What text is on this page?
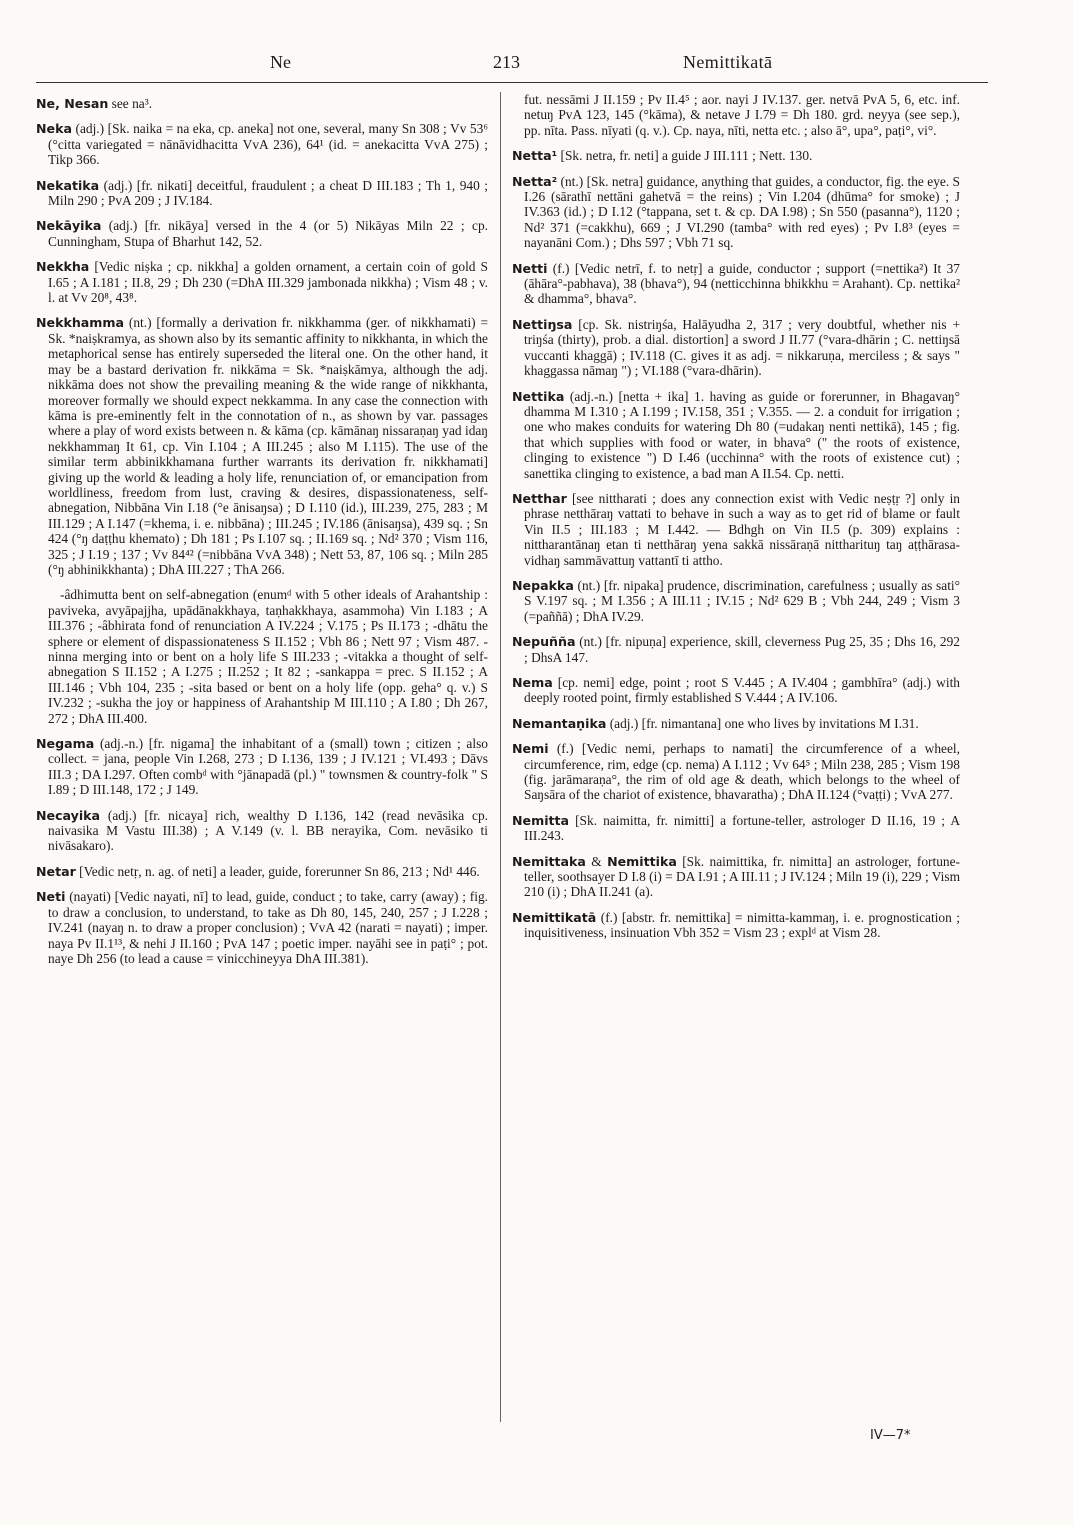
Ne	213	Nemittikatā

Ne, Nesan see na³.

Neka (adj.) [Sk. naika = na eka, cp. aneka] not one, several, many Sn 308 ; Vv 53⁶ (°citta variegated = nānāvidhacitta VvA 236), 64¹ (id. = anekacitta VvA 275) ; Tikp 366.

Nekatika (adj.) [fr. nikati] deceitful, fraudulent ; a cheat D III.183 ; Th 1, 940 ; Miln 290 ; PvA 209 ; J IV.184.

Nekāyika (adj.) [fr. nikāya] versed in the 4 (or 5) Nikāyas Miln 22 ; cp. Cunningham, Stupa of Bharhut 142, 52.

Nekkha [Vedic niṣka ; cp. nikkha] a golden ornament, a certain coin of gold S I.65 ; A I.181 ; II.8, 29 ; Dh 230 (=DhA III.329 jambonada nikkha) ; Vism 48 ; v. l. at Vv 20⁸, 43⁸.

Nekkhamma (nt.) [formally a derivation fr. nikkhamma (ger. of nikkhamati) = Sk. *naiṣkramya, as shown also by its semantic affinity to nikkhanta, in which the metaphorical sense has entirely superseded the literal one. On the other hand, it may be a bastard derivation fr. nikkāma = Sk. *naiṣkāmya, although the adj. nikkāma does not show the prevailing meaning & the wide range of nikkhanta, moreover formally we should expect nekkamma. In any case the connection with kāma is pre-eminently felt in the connotation of n., as shown by var. passages where a play of word exists between n. & kāma (cp. kāmānaŋ nissaraṇaŋ yad idaŋ nekkhammaŋ It 61, cp. Vin I.104 ; A III.245 ; also M I.115). The use of the similar term abbinikkhamana further warrants its derivation fr. nikkhamati] giving up the world & leading a holy life, renunciation of, or emancipation from worldliness, freedom from lust, craving & desires, dispassionateness, self-abnegation, Nibbāna Vin I.18 (°e ānisaŋsa) ; D I.110 (id.), III.239, 275, 283 ; M III.129 ; A I.147 (=khema, i. e. nibbāna) ; III.245 ; IV.186 (ānisaŋsa), 439 sq. ; Sn 424 (°ŋ daṭṭhu khemato) ; Dh 181 ; Ps I.107 sq. ; II.169 sq. ; Nd² 370 ; Vism 116, 325 ; J I.19 ; 137 ; Vv 84⁴² (=nibbāna VvA 348) ; Nett 53, 87, 106 sq. ; Miln 285 (°ŋ abhinikkhanta) ; DhA III.227 ; ThA 266.

-âdhimutta bent on self-abnegation (enumᵈ with 5 other ideals of Arahantship : paviveka, avyāpajjha, upādānakkhaya, taṇhakkhaya, asammoha) Vin I.183 ; A III.376 ; -âbhirata fond of renunciation A IV.224 ; V.175 ; Ps II.173 ; -dhātu the sphere or element of dispassionateness S II.152 ; Vbh 86 ; Nett 97 ; Vism 487. -ninna merging into or bent on a holy life S III.233 ; -vitakka a thought of self-abnegation S II.152 ; A I.275 ; II.252 ; It 82 ; -sankappa = prec. S II.152 ; A III.146 ; Vbh 104, 235 ; -sita based or bent on a holy life (opp. geha° q. v.) S IV.232 ; -sukha the joy or happiness of Arahantship M III.110 ; A I.80 ; Dh 267, 272 ; DhA III.400.

Negama (adj.-n.) [fr. nigama] the inhabitant of a (small) town ; citizen ; also collect. = jana, people Vin I.268, 273 ; D I.136, 139 ; J IV.121 ; VI.493 ; Dāvs III.3 ; DA I.297. Often combᵈ with °jānapadā (pl.) " townsmen & country-folk " S I.89 ; D III.148, 172 ; J 149.

Necayika (adj.) [fr. nicaya] rich, wealthy D I.136, 142 (read nevāsika cp. naivasika M Vastu III.38) ; A V.149 (v. l. BB nerayika, Com. nevāsiko ti nivāsakaro).

Netar [Vedic netṛ, n. ag. of neti] a leader, guide, forerunner Sn 86, 213 ; Nd¹ 446.

Neti (nayati) [Vedic nayati, nī] to lead, guide, conduct ; to take, carry (away) ; fig. to draw a conclusion, to understand, to take as Dh 80, 145, 240, 257 ; J I.228 ; IV.241 (nayaŋ n. to draw a proper conclusion) ; VvA 42 (narati = nayati) ; imper. naya Pv II.1¹³, & nehi J II.160 ; PvA 147 ; poetic imper. nayāhi see in paṭi° ; pot. naye Dh 256 (to lead a cause = vinicchineyya DhA III.381).

fut. nessāmi J II.159 ; Pv II.4⁵ ; aor. nayi J IV.137. ger. netvā PvA 5, 6, etc. inf. netuŋ PvA 123, 145 (°kāma), & netave J I.79 = Dh 180. grd. neyya (see sep.), pp. nīta. Pass. nīyati (q. v.). Cp. naya, nīti, netta etc. ; also ā°, upa°, paṭi°, vi°.

Netta¹ [Sk. netra, fr. neti] a guide J III.111 ; Nett. 130.

Netta² (nt.) [Sk. netra] guidance, anything that guides, a conductor, fig. the eye. S I.26 (sārathī nettāni gahetvā = the reins) ; Vin I.204 (dhūma° for smoke) ; J IV.363 (id.) ; D I.12 (°tappana, set t. & cp. DA I.98) ; Sn 550 (pasanna°), 1120 ; Nd² 371 (=cakkhu), 669 ; J VI.290 (tamba° with red eyes) ; Pv I.8³ (eyes = nayanāni Com.) ; Dhs 597 ; Vbh 71 sq.

Netti (f.) [Vedic netrī, f. to netṛ] a guide, conductor ; support (=nettika²) It 37 (āhāra°-pabhava), 38 (bhava°), 94 (netticchinna bhikkhu = Arahant). Cp. nettika² & dhamma°, bhava°.

Nettiŋsa [cp. Sk. nistriŋśa, Halāyudha 2, 317 ; very doubtful, whether nis + triŋśa (thirty), prob. a dial. distortion] a sword J II.77 (°vara-dhārin ; C. nettiŋsā vuccanti khaggā) ; IV.118 (C. gives it as adj. = nikkaruṇa, merciless ; & says " khaggassa nāmaŋ ") ; VI.188 (°vara-dhārin).

Nettika (adj.-n.) [netta + ika] 1. having as guide or forerunner, in Bhagavaŋ° dhamma M I.310 ; A I.199 ; IV.158, 351 ; V.355. — 2. a conduit for irrigation ; one who makes conduits for watering Dh 80 (=udakaŋ nenti nettikā), 145 ; fig. that which supplies with food or water, in bhava° (" the roots of existence, clinging to existence ") D I.46 (ucchinna° with the roots of existence cut) ; sanettika clinging to existence, a bad man A II.54. Cp. netti.

Netthar [see nittharati ; does any connection exist with Vedic neṣṭṛ ?] only in phrase netthāraŋ vattati to behave in such a way as to get rid of blame or fault Vin II.5 ; III.183 ; M I.442. — Bdhgh on Vin II.5 (p. 309) explains : nittharantānaŋ etan ti netthāraŋ yena sakkā nissāraṇā nittharituŋ taŋ aṭṭhārasa-vidhaŋ sammāvattuŋ vattantī ti attho.

Nepakka (nt.) [fr. nipaka] prudence, discrimination, carefulness ; usually as sati° S V.197 sq. ; M I.356 ; A III.11 ; IV.15 ; Nd² 629 B ; Vbh 244, 249 ; Vism 3 (=paññā) ; DhA IV.29.

Nepuñña (nt.) [fr. nipuṇa] experience, skill, cleverness Pug 25, 35 ; Dhs 16, 292 ; DhsA 147.

Nema [cp. nemi] edge, point ; root S V.445 ; A IV.404 ; gambhīra° (adj.) with deeply rooted point, firmly established S V.444 ; A IV.106.

Nemantaṇika (adj.) [fr. nimantana] one who lives by invitations M I.31.

Nemi (f.) [Vedic nemi, perhaps to namati] the circumference of a wheel, circumference, rim, edge (cp. nema) A I.112 ; Vv 64⁵ ; Miln 238, 285 ; Vism 198 (fig. jarāmaraṇa°, the rim of old age & death, which belongs to the wheel of Saŋsāra of the chariot of existence, bhavaratha) ; DhA II.124 (°vaṭṭi) ; VvA 277.

Nemitta [Sk. naimitta, fr. nimitti] a fortune-teller, astrologer D II.16, 19 ; A III.243.

Nemittaka & Nemittika [Sk. naimittika, fr. nimitta] an astrologer, fortune-teller, soothsayer D I.8 (i) = DA I.91 ; A III.11 ; J IV.124 ; Miln 19 (i), 229 ; Vism 210 (i) ; DhA II.241 (a).

Nemittikatā (f.) [abstr. fr. nemittika] = nimitta-kammaŋ, i. e. prognostication ; inquisitiveness, insinuation Vbh 352 = Vism 23 ; explᵈ at Vism 28.

IV—7*
